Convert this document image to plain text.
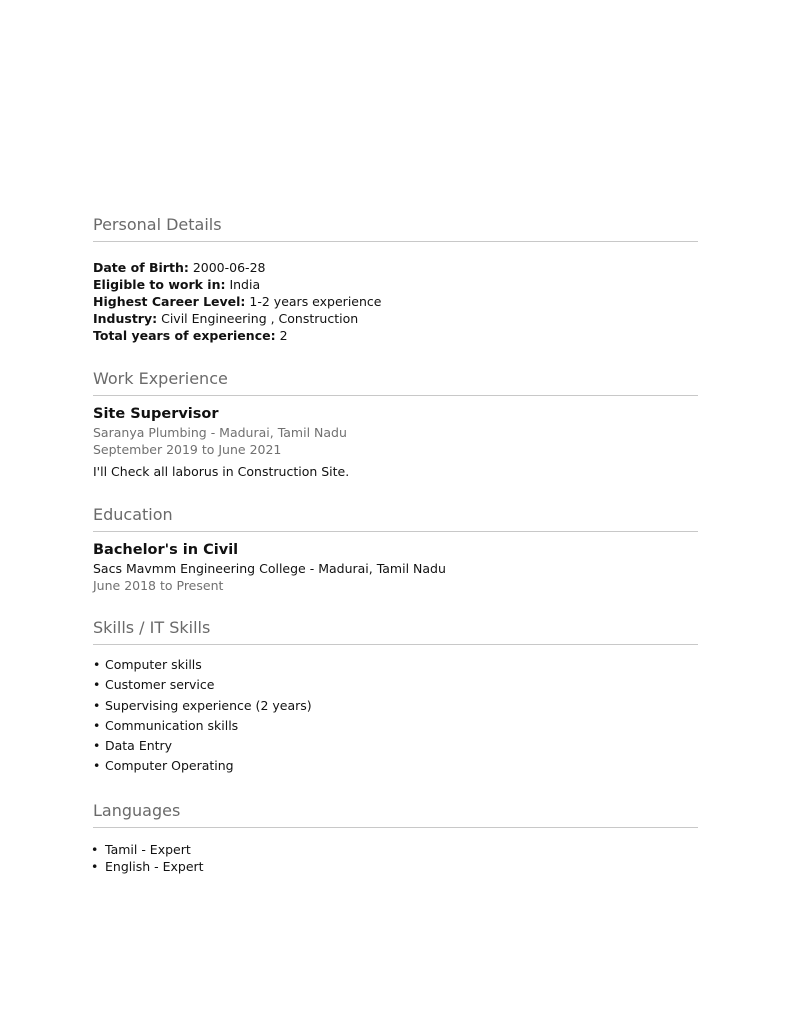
Personal Details
Date of Birth: 2000-06-28
Eligible to work in: India
Highest Career Level: 1-2 years experience
Industry: Civil Engineering , Construction
Total years of experience: 2
Work Experience
Site Supervisor
Saranya Plumbing - Madurai, Tamil Nadu
September 2019 to June 2021
I'll Check all laborus in Construction Site.
Education
Bachelor's in Civil
Sacs Mavmm Engineering College - Madurai, Tamil Nadu
June 2018 to Present
Skills / IT Skills
• Computer skills
• Customer service
• Supervising experience (2 years)
• Communication skills
• Data Entry
• Computer Operating
Languages
• Tamil - Expert
• English - Expert
